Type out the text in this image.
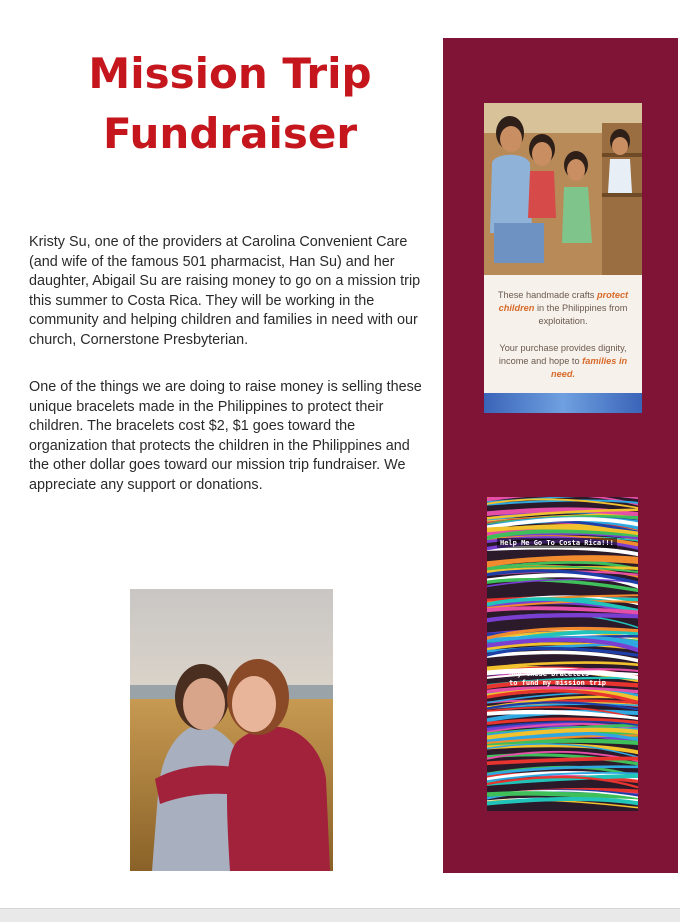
Mission Trip
Fundraiser

Kristy Su, one of the providers at Carolina Convenient Care (and wife of the famous 501 pharmacist, Han Su) and her daughter, Abigail Su are raising money to go on a mission trip this summer to Costa Rica. They will be working in the community and helping children and families in need with our church, Cornerstone Presbyterian.

One of the things we are doing to raise money is selling these unique bracelets made in the Philippines to protect their children. The bracelets cost $2, $1 goes toward the organization that protects the children in the Philippines and the other dollar goes toward our mission trip fundraiser. We appreciate any support or donations.

These handmade crafts protect children in the Philippines from exploitation.
Your purchase provides dignity, income and hope to families in need.
Help Me Go To Costa Rica!!!
Buy these bracelets
to fund my mission trip
